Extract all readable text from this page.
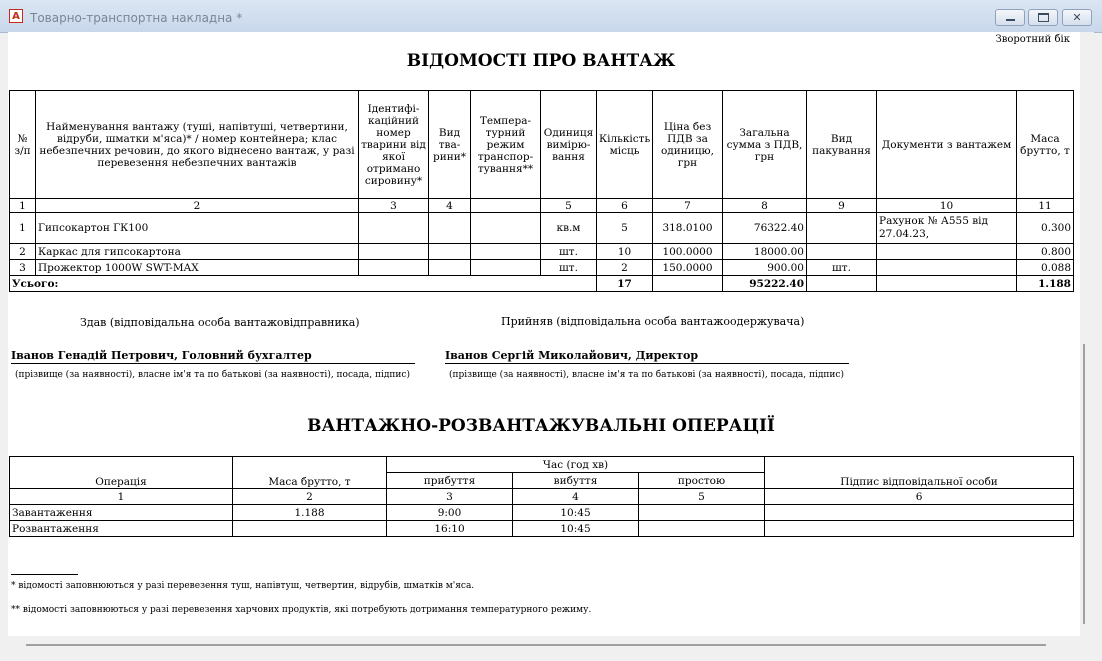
A Товарно-транспортна накладна *	✕
Зворотний бік
ВІДОМОСТІ ПРО ВАНТАЖ
№ з/п	Найменування вантажу (туші, напівтуші, четвертини, відруби, шматки м'яса)* / номер контейнера; клас небезпечних речовин, до якого віднесено вантаж, у разі перевезення небезпечних вантажів	Ідентифі-каційний номер тварини від якої отримано сировину*	Вид тва-рини*	Темпера-турний режим транспор-тування**	Одиниця вимірю-вання	Кількість місць	Ціна без ПДВ за одиницю, грн	Загальна сумма з ПДВ, грн	Вид пакування	Документи з вантажем	Маса брутто, т
1	2	3	4		5	6	7	8	9	10	11
1	Гипсокартон ГК100				кв.м	5	318.0100	76322.40		Рахунок № А555 від 27.04.23,	0.300
2	Каркас для гипсокартона				шт.	10	100.0000	18000.00			0.800
3	Прожектор 1000W SWT-MAX				шт.	2	150.0000	900.00	шт.		0.088
Усього:						17		95222.40			1.188
Здав (відповідальна особа вантажовідправника)	Прийняв (відповідальна особа вантажоодержувача)
Іванов Генадій Петрович, Головний бухгалтер	Іванов Сергій Миколайович, Директор
(прізвище (за наявності), власне ім'я та по батькові (за наявності), посада, підпис)	(прізвище (за наявності), власне ім'я та по батькові (за наявності), посада, підпис)
ВАНТАЖНО-РОЗВАНТАЖУВАЛЬНІ ОПЕРАЦІЇ
Операція	Маса брутто, т	Час (год хв)			Підпис відповідальної особи
		прибуття	вибуття	простою	
1	2	3	4	5	6
Завантаження	1.188	9:00	10:45		
Розвантаження		16:10	10:45		
* відомості заповнюються у разі перевезення туш, напівтуш, четвертин, відрубів, шматків м'яса.
** відомості заповнюються у разі перевезення харчових продуктів, які потребують дотримання температурного режиму.
